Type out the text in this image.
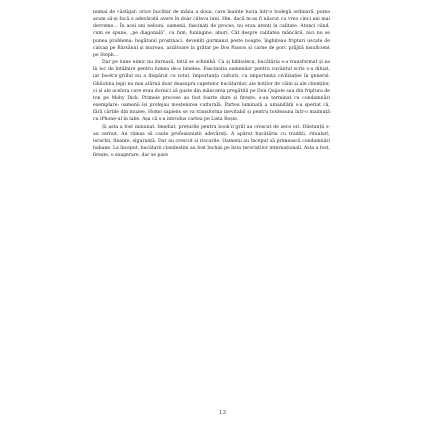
numai de câștigat: orice bucătar de mâna a doua, care înainte lucra într-o bodegă ordinară, putea acum să-și facă o adevărată avere în doar câteva luni. Hm, dacă m-aș fi născut cu vreo cinci ani mai devreme… În acei ani nebuni, oamenii, fascinați de proces, nu erau atenți la calitate. Atunci când, cum se spune, „pe diagonală”, cu fum, funingine, aburi. Cât despre calitatea mâncării, nici nu se punea problema: bogătanii proștinaci, deveniți gurmanzi peste noapte, înghițeau fripturi uscate de calcan pe Bârsănul și mureau, arzătoare la grătar pe Dos Passos și carne de porc prăjită insuficient pe Steph…

Dar pe lume nimic nu durează, totul se schimbă. Ca și biblioteca, bucătăria s-a transformat și ea în loc de întâlnire pentru lumea de-a binelea. Fascinația oamenilor pentru cuvântul scris s-a diluat, iar book’n’grillul nu a dispărut cu totul. Importanța culturii, cu importanța civilizației în general. Ghilotina legii nu mai atârnă doar deasupra capetelor bucătarilor, ale hoților de câini și ale clienților, ci și ale acelora care erau dornici să guste din mâncarea pregătită pe Don Quijote sau din friptura de ton pe Moby Dick. Primele procese au fost foarte dure și firește, s-au terminat cu condamnări exemplare: oamenii își protejau moștenirea culturală. Partea luminată a umanității s-a speriat că, fără cărțile din muzee, Homo sapiens se va transforma inevitabil și pentru totdeauna într-o maimuță cu iPhone-ul în labe. Așa că s-a introdus cartea pe Lista Roșie.

Și asta a fost minunat. Imediat, prețurile pentru book’n’grill au crescut de zece ori. Diletanții s-au cernut. Au rămas să caute profesioniștii adevărați. A apărut bucătăria cu tradiții, ritualuri, ierarhii, finanțe, siguranță. Dar au crescut și riscurile. Oamenii au început să primească condamnări babane. La început, bucătarii clandestini au fost închiși pe lista teroriștilor internaționali. Asta a fost, firește, o exagerare, dar se pare

13
